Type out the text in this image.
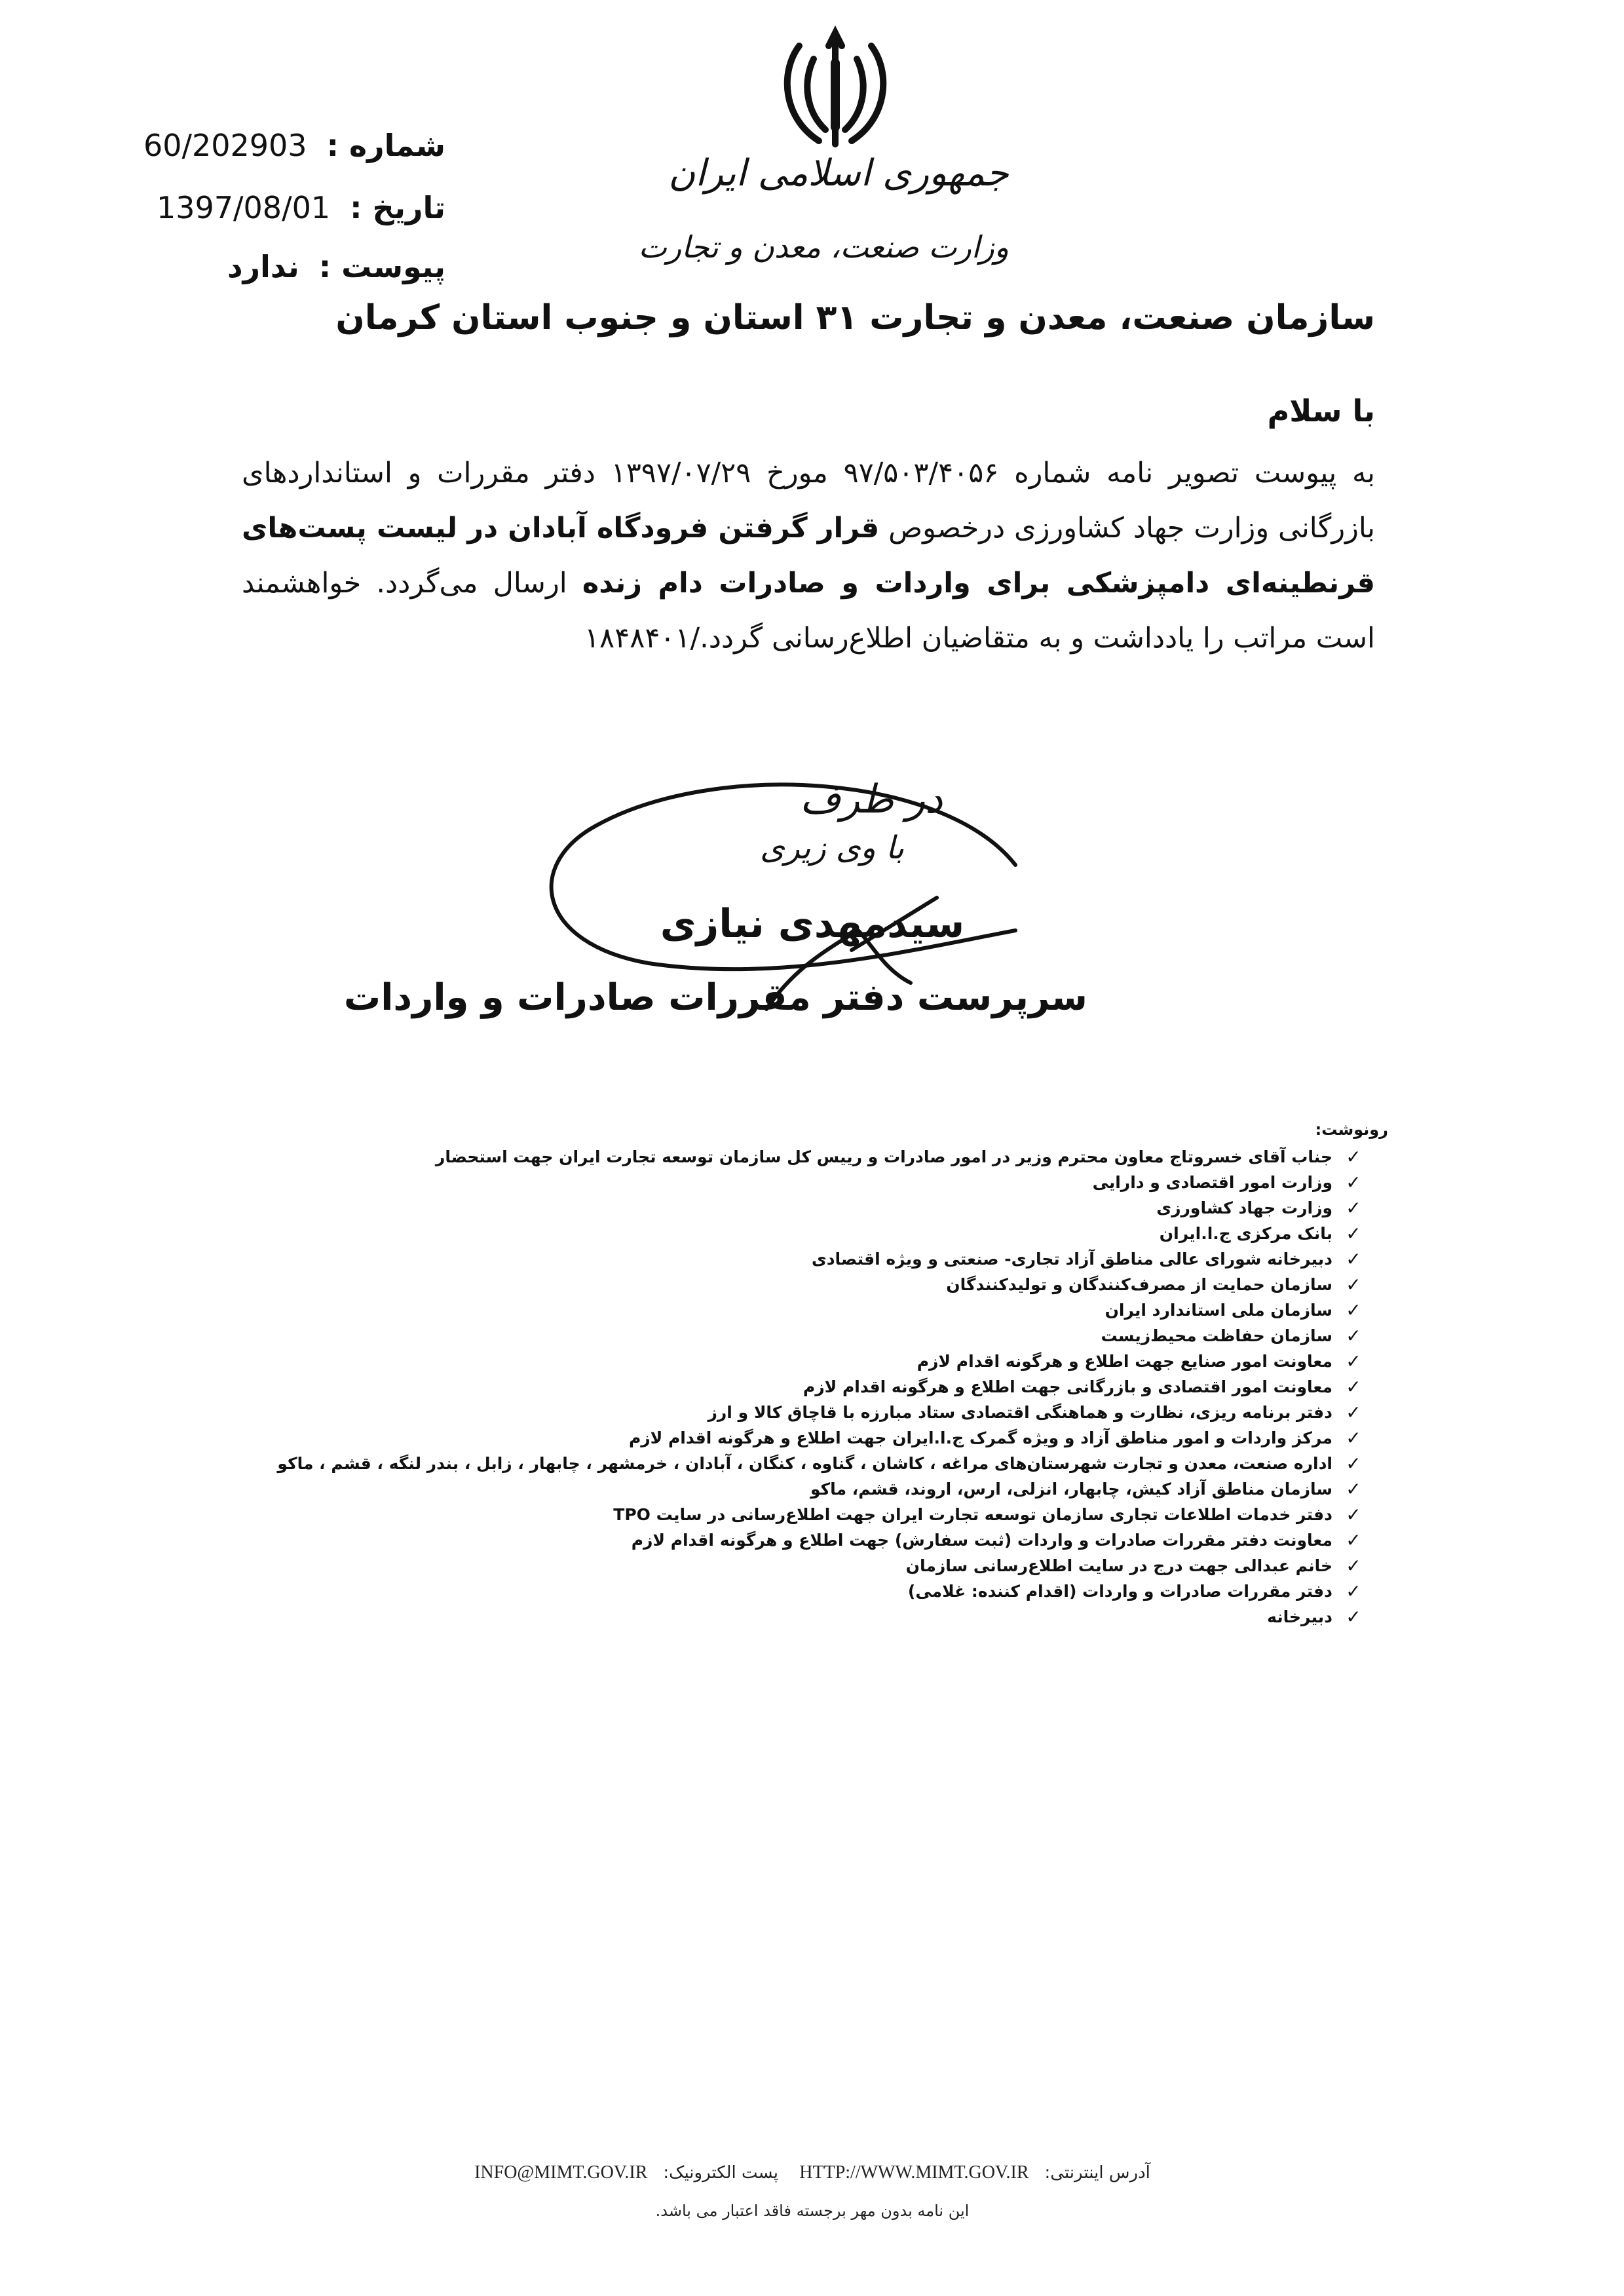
جمهوری اسلامی ایران
وزارت صنعت، معدن و تجارت
شماره : 60/202903
تاریخ : 1397/08/01
پیوست : ندارد
سازمان صنعت، معدن و تجارت ۳۱ استان و جنوب استان کرمان
با سلام
به پیوست تصویر نامه شماره ۹۷/۵۰۳/۴۰۵۶ مورخ ۱۳۹۷/۰۷/۲۹ دفتر مقررات و استانداردهای بازرگانی وزارت جهاد کشاورزی درخصوص قرار گرفتن فرودگاه آبادان در لیست پست‌های قرنطینه‌ای دامپزشکی برای واردات و صادرات دام زنده ارسال می‌گردد. خواهشمند است مراتب را یادداشت و به متقاضیان اطلاع‌رسانی گردد./۱۸۴۸۴۰۱
در طرف
با وی زیری
سیدمهدی نیازی
سرپرست دفتر مقررات صادرات و واردات
رونوشت:
✓
جناب آقای خسروتاج معاون محترم وزیر در امور صادرات و رییس کل سازمان توسعه تجارت ایران جهت استحضار
✓
وزارت امور اقتصادی و دارایی
✓
وزارت جهاد کشاورزی
✓
بانک مرکزی ج.ا.ایران
✓
دبیرخانه شورای عالی مناطق آزاد تجاری- صنعتی و ویژه اقتصادی
✓
سازمان حمایت از مصرف‌کنندگان و تولیدکنندگان
✓
سازمان ملی استاندارد ایران
✓
سازمان حفاظت محیط‌زیست
✓
معاونت امور صنایع جهت اطلاع و هرگونه اقدام لازم
✓
معاونت امور اقتصادی و بازرگانی جهت اطلاع و هرگونه اقدام لازم
✓
دفتر برنامه ریزی، نظارت و هماهنگی اقتصادی ستاد مبارزه با قاچاق کالا و ارز
✓
مرکز واردات و امور مناطق آزاد و ویژه گمرک ج.ا.ایران جهت اطلاع و هرگونه اقدام لازم
✓
اداره صنعت، معدن و تجارت شهرستان‌های مراغه ، کاشان ، گناوه ، کنگان ، آبادان ، خرمشهر ، چابهار ، زابل ، بندر لنگه ، قشم ، ماکو
✓
سازمان مناطق آزاد کیش، چابهار، انزلی، ارس، اروند، قشم، ماکو
✓
دفتر خدمات اطلاعات تجاری سازمان توسعه تجارت ایران جهت اطلاع‌رسانی در سایت TPO
✓
معاونت دفتر مقررات صادرات و واردات (ثبت سفارش) جهت اطلاع و هرگونه اقدام لازم
✓
خانم عبدالی جهت درج در سایت اطلاع‌رسانی سازمان
✓
دفتر مقررات صادرات و واردات (اقدام کننده: غلامی)
✓
دبیرخانه
آدرس اینترنتی:HTTP://WWW.MIMT.GOV.IR پست الکترونیک:INFO@MIMT.GOV.IR
این نامه بدون مهر برجسته فاقد اعتبار می باشد.
